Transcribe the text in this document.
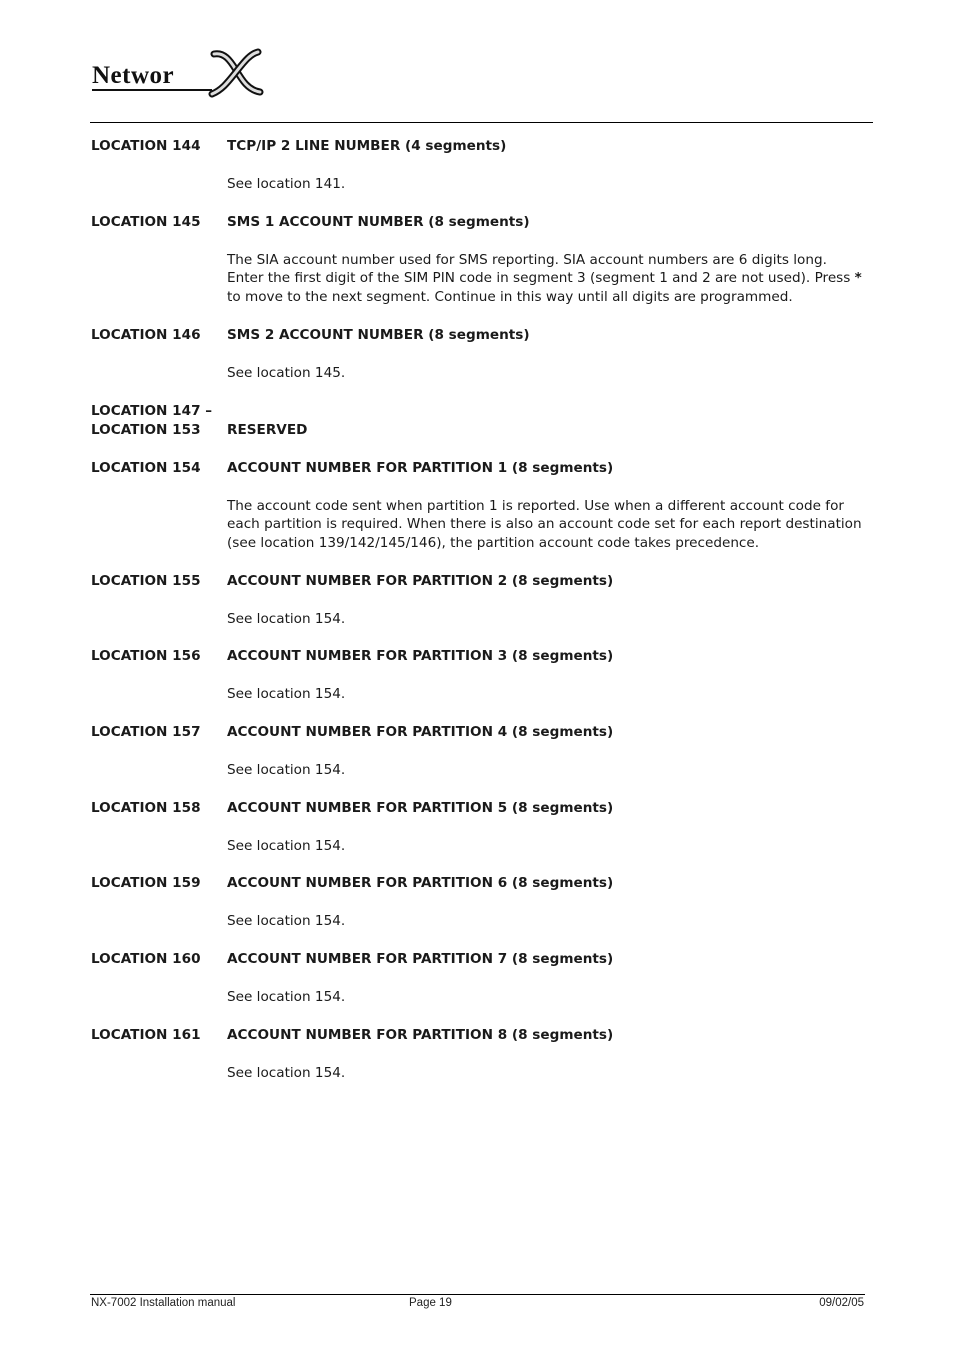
Networ
LOCATION 144	TCP/IP 2 LINE NUMBER (4 segments)
See location 141.
LOCATION 145	SMS 1 ACCOUNT NUMBER (8 segments)
The SIA account number used for SMS reporting. SIA account numbers are 6 digits long. Enter the first digit of the SIM PIN code in segment 3 (segment 1 and 2 are not used). Press * to move to the next segment. Continue in this way until all digits are programmed.
LOCATION 146	SMS 2 ACCOUNT NUMBER (8 segments)
See location 145.
LOCATION 147 –
LOCATION 153	RESERVED
LOCATION 154	ACCOUNT NUMBER FOR PARTITION 1 (8 segments)
The account code sent when partition 1 is reported. Use when a different account code for each partition is required. When there is also an account code set for each report destination (see location 139/142/145/146), the partition account code takes precedence.
LOCATION 155	ACCOUNT NUMBER FOR PARTITION 2 (8 segments)
See location 154.
LOCATION 156	ACCOUNT NUMBER FOR PARTITION 3 (8 segments)
See location 154.
LOCATION 157	ACCOUNT NUMBER FOR PARTITION 4 (8 segments)
See location 154.
LOCATION 158	ACCOUNT NUMBER FOR PARTITION 5 (8 segments)
See location 154.
LOCATION 159	ACCOUNT NUMBER FOR PARTITION 6 (8 segments)
See location 154.
LOCATION 160	ACCOUNT NUMBER FOR PARTITION 7 (8 segments)
See location 154.
LOCATION 161	ACCOUNT NUMBER FOR PARTITION 8 (8 segments)
See location 154.
NX-7002 Installation manual	Page 19	09/02/05
